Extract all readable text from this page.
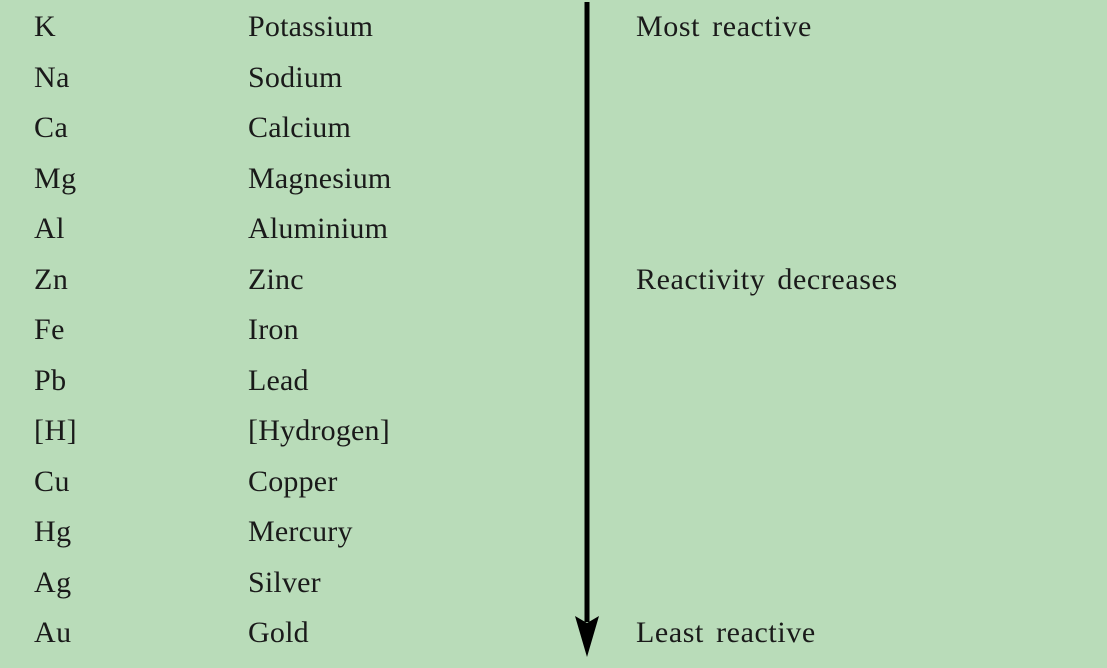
K	Potassium	Most reactive
Na	Sodium
Ca	Calcium
Mg	Magnesium
Al	Aluminium
Zn	Zinc	Reactivity decreases
Fe	Iron
Pb	Lead
[H]	[Hydrogen]
Cu	Copper
Hg	Mercury
Ag	Silver
Au	Gold	Least reactive
